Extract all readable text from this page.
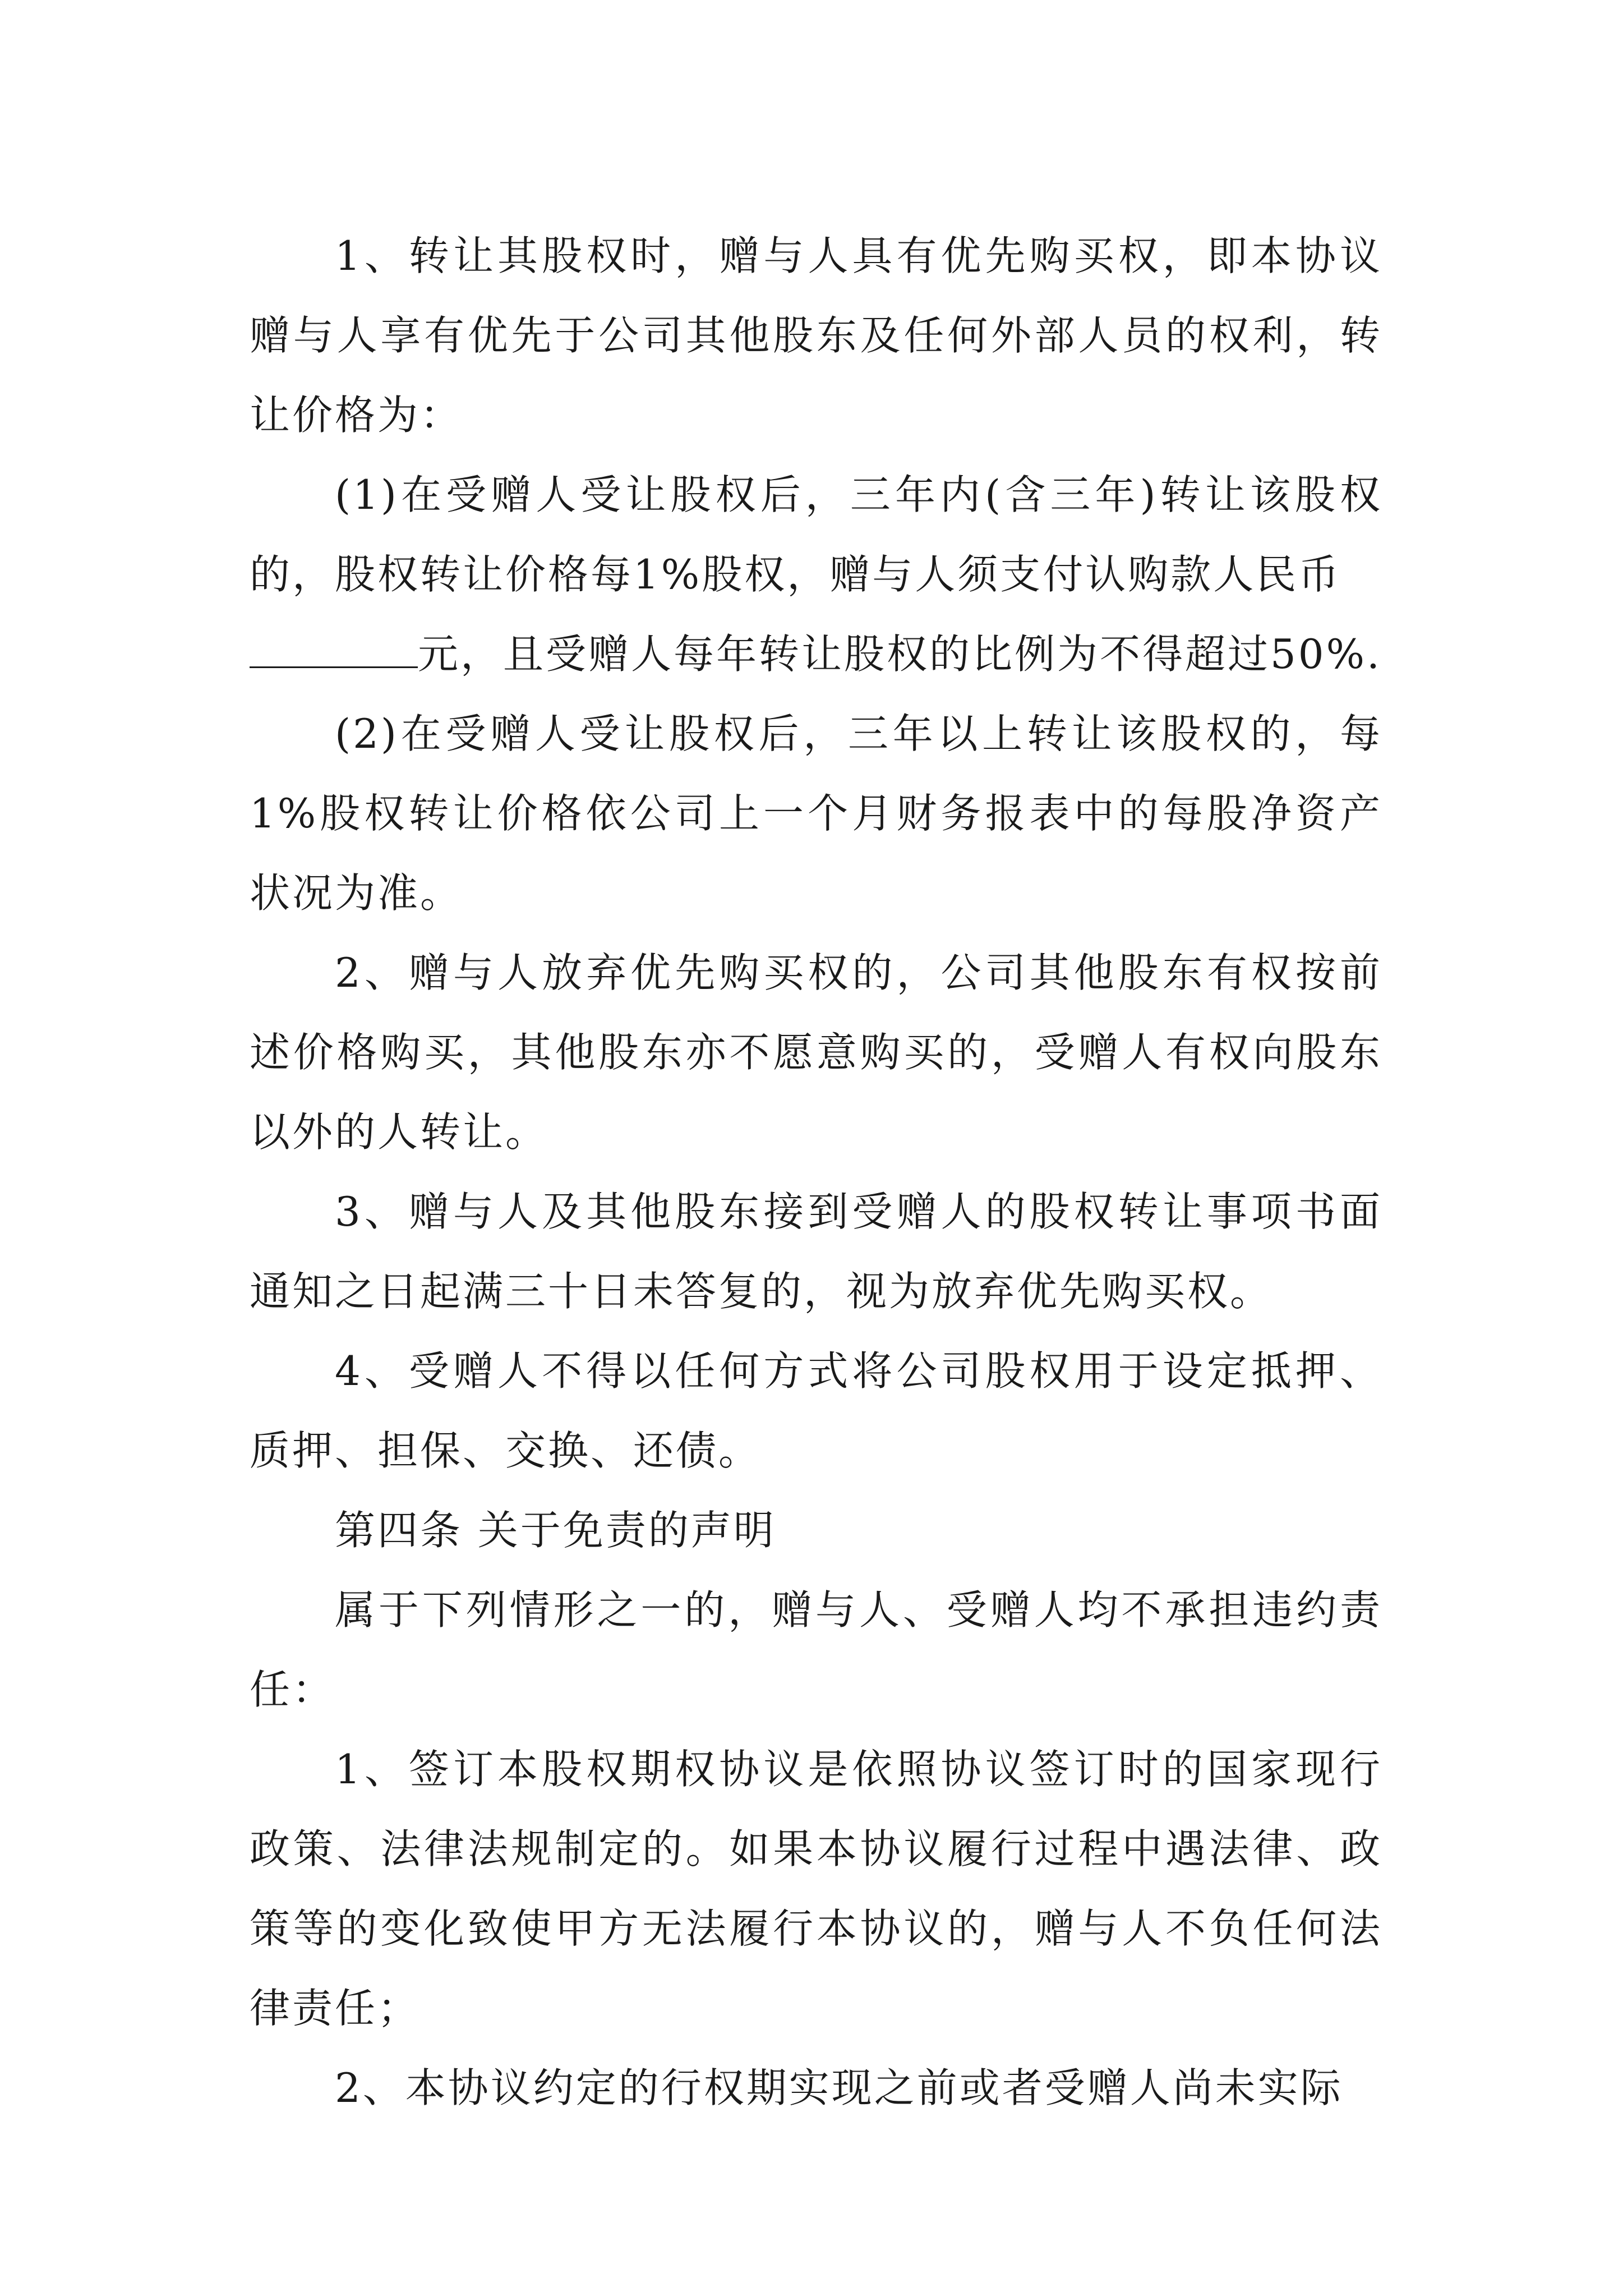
1、转让其股权时，赠与人具有优先购买权，即本协议赠与人享有优先于公司其他股东及任何外部人员的权利，转让价格为：

(1)在受赠人受让股权后，三年内(含三年)转让该股权的，股权转让价格每1%股权，赠与人须支付认购款人民币

元，且受赠人每年转让股权的比例为不得超过50%.

(2)在受赠人受让股权后，三年以上转让该股权的，每1%股权转让价格依公司上一个月财务报表中的每股净资产状况为准。

2、赠与人放弃优先购买权的，公司其他股东有权按前述价格购买，其他股东亦不愿意购买的，受赠人有权向股东以外的人转让。

3、赠与人及其他股东接到受赠人的股权转让事项书面通知之日起满三十日未答复的，视为放弃优先购买权。

4、受赠人不得以任何方式将公司股权用于设定抵押、质押、担保、交换、还债。

第四条 关于免责的声明

属于下列情形之一的，赠与人、受赠人均不承担违约责任：

1、签订本股权期权协议是依照协议签订时的国家现行政策、法律法规制定的。如果本协议履行过程中遇法律、政策等的变化致使甲方无法履行本协议的，赠与人不负任何法律责任；

2、本协议约定的行权期实现之前或者受赠人尚未实际
